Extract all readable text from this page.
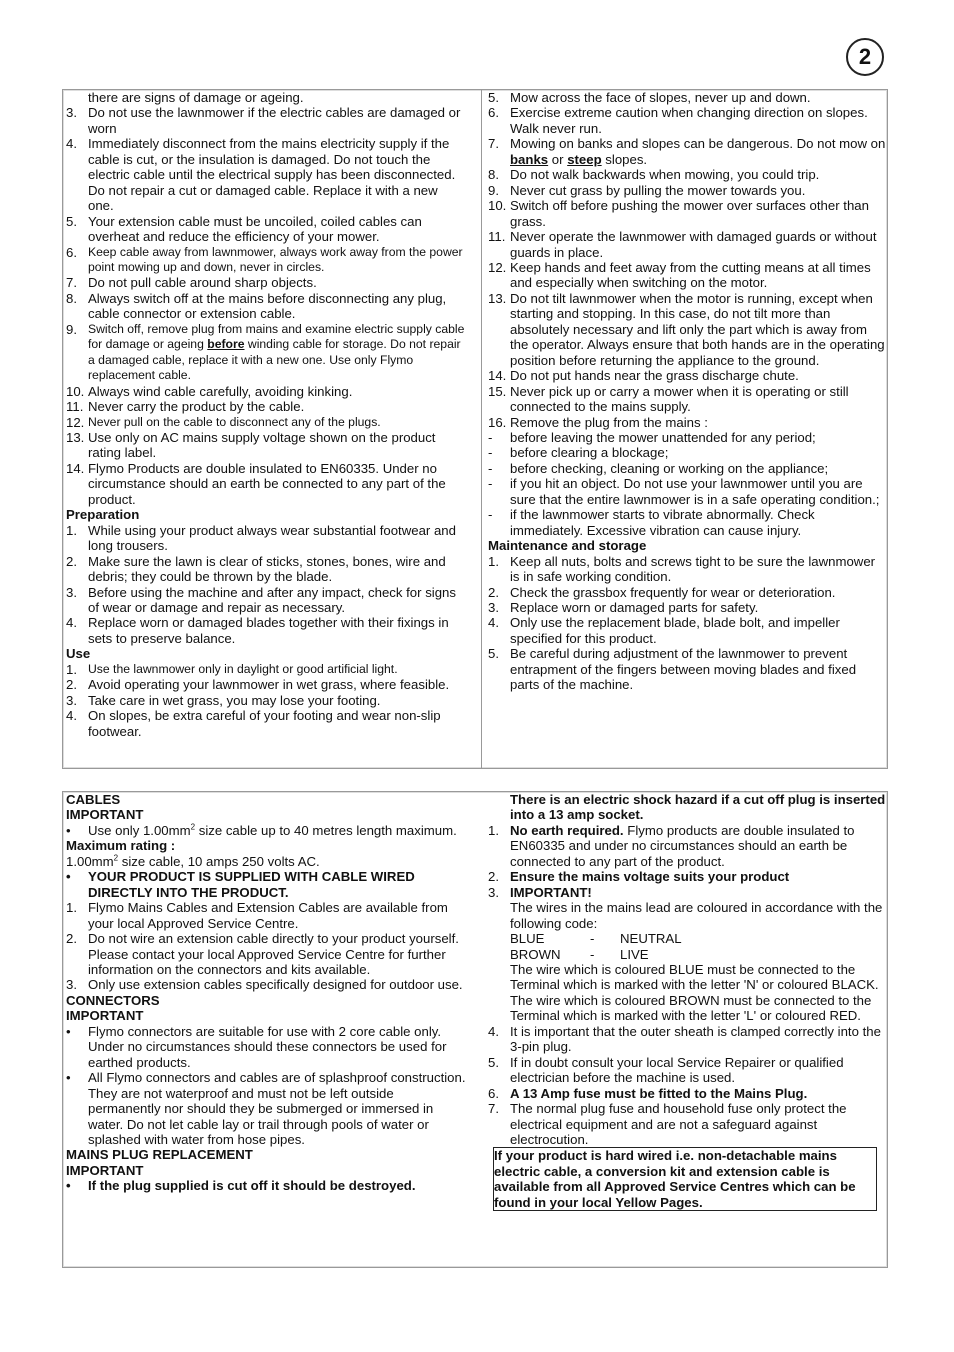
2
there are signs of damage or ageing.
3. Do not use the lawnmower if the electric cables are damaged or worn
4. Immediately disconnect from the mains electricity supply if the cable is cut, or the insulation is damaged. Do not touch the electric cable until the electrical supply has been disconnected. Do not repair a cut or damaged cable. Replace it with a new one.
5. Your extension cable must be uncoiled, coiled cables can overheat and reduce the efficiency of your mower.
6. Keep cable away from lawnmower, always work away from the power point mowing up and down, never in circles.
7. Do not pull cable around sharp objects.
8. Always switch off at the mains before disconnecting any plug, cable connector or extension cable.
9. Switch off, remove plug from mains and examine electric supply cable for damage or ageing before winding cable for storage. Do not repair a damaged cable, replace it with a new one. Use only Flymo replacement cable.
10. Always wind cable carefully, avoiding kinking.
11. Never carry the product by the cable.
12. Never pull on the cable to disconnect any of the plugs.
13. Use only on AC mains supply voltage shown on the product rating label.
14. Flymo Products are double insulated to EN60335. Under no circumstance should an earth be connected to any part of the product.
Preparation
1. While using your product always wear substantial footwear and long trousers.
2. Make sure the lawn is clear of sticks, stones, bones, wire and debris; they could be thrown by the blade.
3. Before using the machine and after any impact, check for signs of wear or damage and repair as necessary.
4. Replace worn or damaged blades together with their fixings in sets to preserve balance.
Use
1. Use the lawnmower only in daylight or good artificial light.
2. Avoid operating your lawnmower in wet grass, where feasible.
3. Take care in wet grass, you may lose your footing.
4. On slopes, be extra careful of your footing and wear non-slip footwear.
5. Mow across the face of slopes, never up and down.
6. Exercise extreme caution when changing direction on slopes. Walk never run.
7. Mowing on banks and slopes can be dangerous. Do not mow on banks or steep slopes.
8. Do not walk backwards when mowing, you could trip.
9. Never cut grass by pulling the mower towards you.
10. Switch off before pushing the mower over surfaces other than grass.
11. Never operate the lawnmower with damaged guards or without guards in place.
12. Keep hands and feet away from the cutting means at all times and especially when switching on the motor.
13. Do not tilt lawnmower when the motor is running, except when starting and stopping. In this case, do not tilt more than absolutely necessary and lift only the part which is away from the operator. Always ensure that both hands are in the operating position before returning the appliance to the ground.
14. Do not put hands near the grass discharge chute.
15. Never pick up or carry a mower when it is operating or still connected to the mains supply.
16. Remove the plug from the mains :
-	before leaving the mower unattended for any period;
-	before clearing a blockage;
-	before checking, cleaning or working on the appliance;
-	if you hit an object. Do not use your lawnmower until you are sure that the entire lawnmower is in a safe operating condition.;
-	if the lawnmower starts to vibrate abnormally. Check immediately. Excessive vibration can cause injury.
Maintenance and storage
1. Keep all nuts, bolts and screws tight to be sure the lawnmower is in safe working condition.
2. Check the grassbox frequently for wear or deterioration.
3. Replace worn or damaged parts for safety.
4. Only use the replacement blade, blade bolt, and impeller specified for this product.
5. Be careful during adjustment of the lawnmower to prevent entrapment of the fingers between moving blades and fixed parts of the machine.
CABLES
IMPORTANT
•	Use only $1.00mm^2$ size cable up to 40 metres length maximum.
Maximum rating :
$1.00mm^2$ size cable, 10 amps 250 volts AC.
•	YOUR PRODUCT IS SUPPLIED WITH CABLE WIRED DIRECTLY INTO THE PRODUCT.
1. Flymo Mains Cables and Extension Cables are available from your local Approved Service Centre.
2. Do not wire an extension cable directly to your product yourself. Please contact your local Approved Service Centre for further information on the connectors and kits available.
3. Only use extension cables specifically designed for outdoor use.
CONNECTORS
IMPORTANT
•	Flymo connectors are suitable for use with 2 core cable only. Under no circumstances should these connectors be used for earthed products.
•	All Flymo connectors and cables are of splashproof construction. They are not waterproof and must not be left outside permanently nor should they be submerged or immersed in water. Do not let cable lay or trail through pools of water or splashed with water from hose pipes.
MAINS PLUG REPLACEMENT
IMPORTANT
•	If the plug supplied is cut off it should be destroyed.
There is an electric shock hazard if a cut off plug is inserted into a 13 amp socket.
1. No earth required. Flymo products are double insulated to EN60335 and under no circumstances should an earth be connected to any part of the product.
2. Ensure the mains voltage suits your product
3. IMPORTANT!
The wires in the mains lead are coloured in accordance with the following code:
BLUE	- NEUTRAL
BROWN - LIVE
The wire which is coloured BLUE must be connected to the Terminal which is marked with the letter 'N' or coloured BLACK.
The wire which is coloured BROWN must be connected to the Terminal which is marked with the letter 'L' or coloured RED.
4. It is important that the outer sheath is clamped correctly into the 3-pin plug.
5. If in doubt consult your local Service Repairer or qualified electrician before the machine is used.
6. A 13 Amp fuse must be fitted to the Mains Plug.
7. The normal plug fuse and household fuse only protect the electrical equipment and are not a safeguard against electrocution.
If your product is hard wired i.e. non-detachable mains electric cable, a conversion kit and extension cable is available from all Approved Service Centres which can be found in your local Yellow Pages.
